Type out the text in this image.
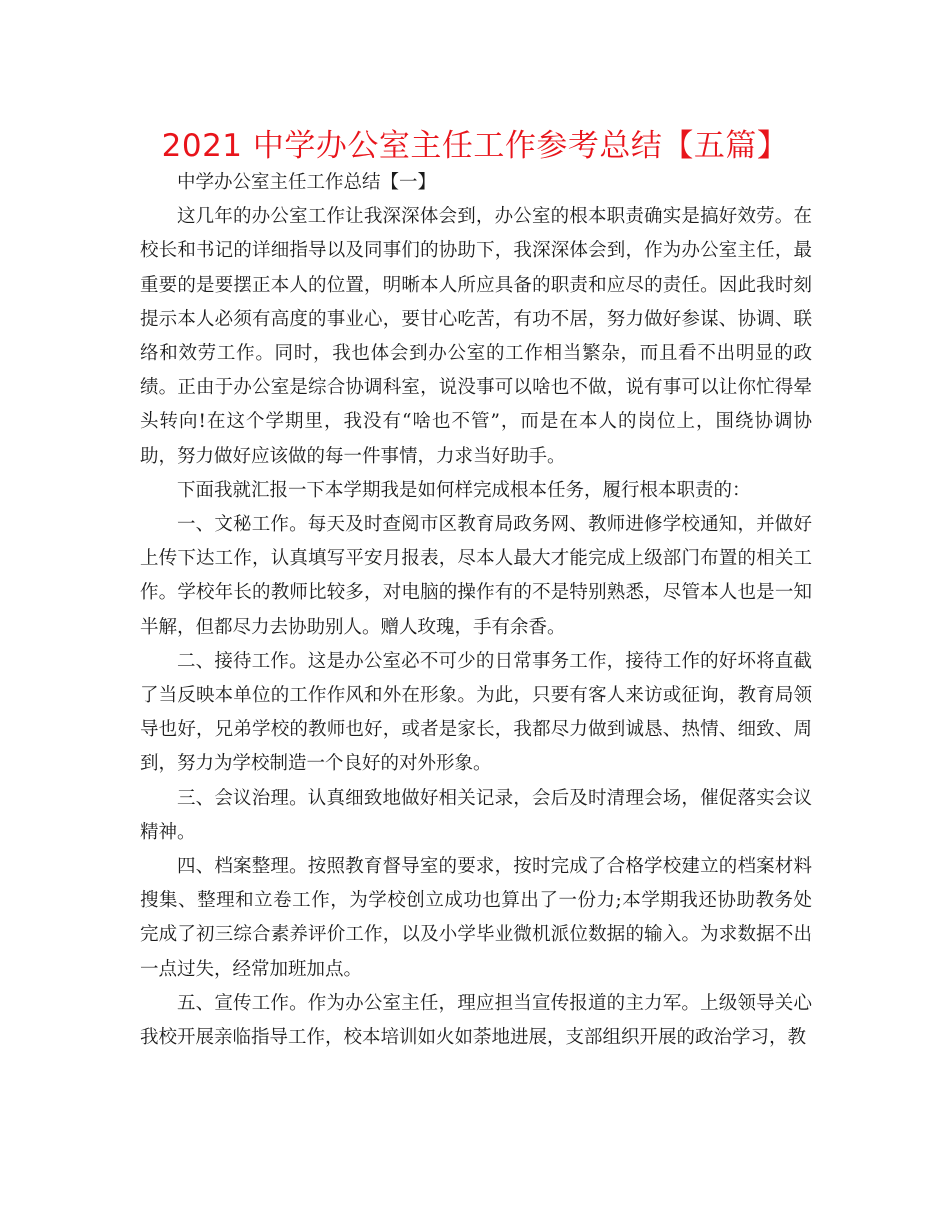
2021 中学办公室主任工作参考总结【五篇】

中学办公室主任工作总结【一】

这几年的办公室工作让我深深体会到，办公室的根本职责确实是搞好效劳。在校长和书记的详细指导以及同事们的协助下，我深深体会到，作为办公室主任，最重要的是要摆正本人的位置，明晰本人所应具备的职责和应尽的责任。因此我时刻提示本人必须有高度的事业心，要甘心吃苦，有功不居，努力做好参谋、协调、联络和效劳工作。同时，我也体会到办公室的工作相当繁杂，而且看不出明显的政绩。正由于办公室是综合协调科室，说没事可以啥也不做，说有事可以让你忙得晕头转向!在这个学期里，我没有“啥也不管”，而是在本人的岗位上，围绕协调协助，努力做好应该做的每一件事情，力求当好助手。

下面我就汇报一下本学期我是如何样完成根本任务，履行根本职责的：

一、文秘工作。每天及时查阅市区教育局政务网、教师进修学校通知，并做好上传下达工作，认真填写平安月报表，尽本人最大才能完成上级部门布置的相关工作。学校年长的教师比较多，对电脑的操作有的不是特别熟悉，尽管本人也是一知半解，但都尽力去协助别人。赠人玫瑰，手有余香。

二、接待工作。这是办公室必不可少的日常事务工作，接待工作的好坏将直截了当反映本单位的工作作风和外在形象。为此，只要有客人来访或征询，教育局领导也好，兄弟学校的教师也好，或者是家长，我都尽力做到诚恳、热情、细致、周到，努力为学校制造一个良好的对外形象。

三、会议治理。认真细致地做好相关记录，会后及时清理会场，催促落实会议精神。

四、档案整理。按照教育督导室的要求，按时完成了合格学校建立的档案材料搜集、整理和立卷工作，为学校创立成功也算出了一份力;本学期我还协助教务处完成了初三综合素养评价工作，以及小学毕业微机派位数据的输入。为求数据不出一点过失，经常加班加点。

五、宣传工作。作为办公室主任，理应担当宣传报道的主力军。上级领导关心我校开展亲临指导工作，校本培训如火如荼地进展，支部组织开展的政治学习，教
